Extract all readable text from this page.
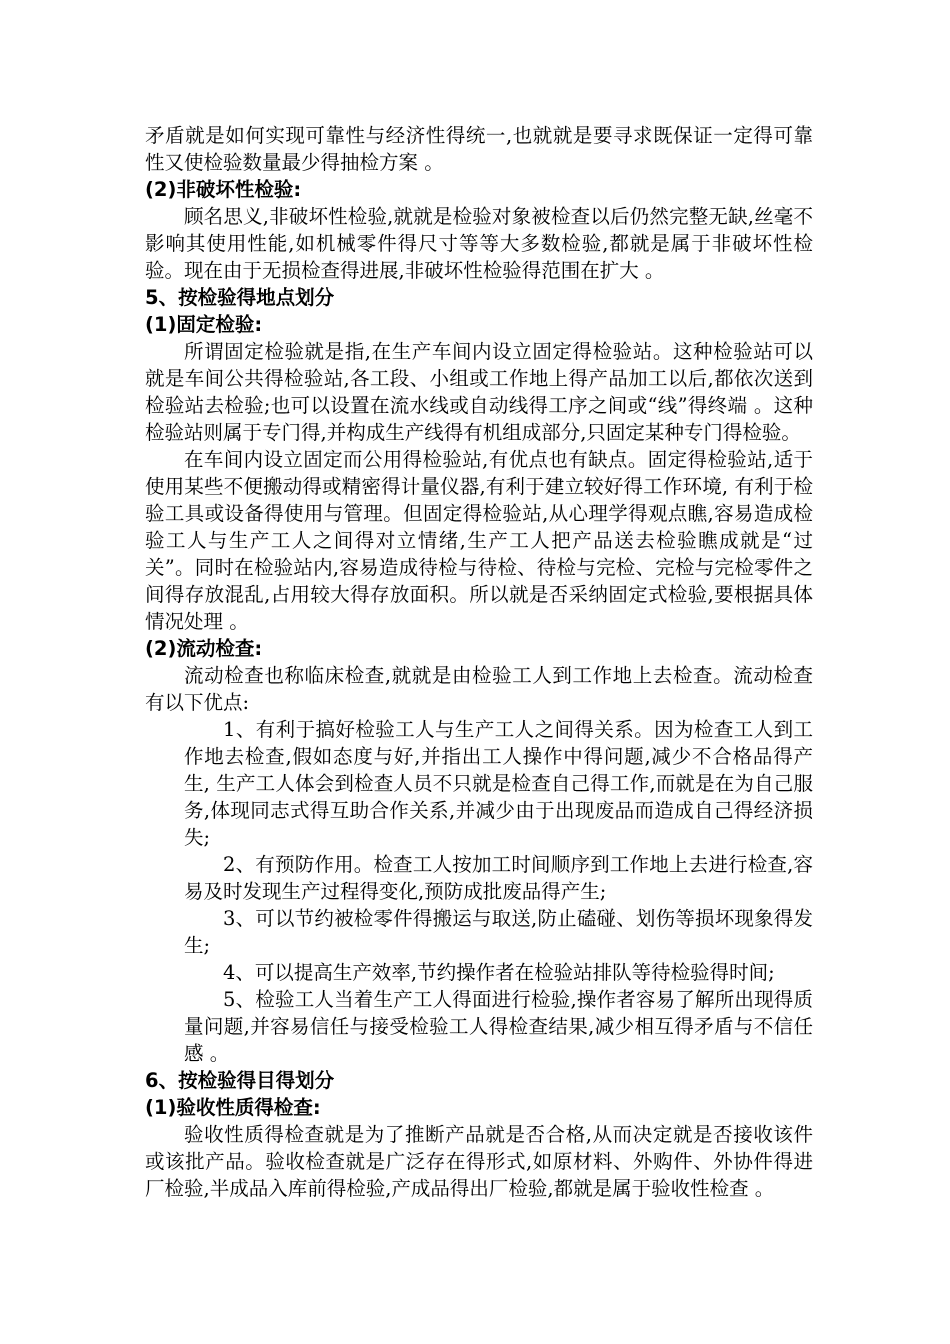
矛盾就是如何实现可靠性与经济性得统一,也就就是要寻求既保证一定得可靠性又使检验数量最少得抽检方案 。

(2)非破坏性检验:

顾名思义,非破坏性检验,就就是检验对象被检查以后仍然完整无缺,丝毫不影响其使用性能,如机械零件得尺寸等等大多数检验,都就是属于非破坏性检验。现在由于无损检查得进展,非破坏性检验得范围在扩大 。

5、按检验得地点划分
(1)固定检验:

所谓固定检验就是指,在生产车间内设立固定得检验站。这种检验站可以就是车间公共得检验站,各工段、小组或工作地上得产品加工以后,都依次送到检验站去检验;也可以设置在流水线或自动线得工序之间或“线”得终端 。这种检验站则属于专门得,并构成生产线得有机组成部分,只固定某种专门得检验。

在车间内设立固定而公用得检验站,有优点也有缺点。固定得检验站,适于使用某些不便搬动得或精密得计量仪器,有利于建立较好得工作环境, 有利于检验工具或设备得使用与管理。但固定得检验站,从心理学得观点瞧,容易造成检验工人与生产工人之间得对立情绪,生产工人把产品送去检验瞧成就是“过关”。同时在检验站内,容易造成待检与待检、待检与完检、完检与完检零件之间得存放混乱,占用较大得存放面积。所以就是否采纳固定式检验,要根据具体情况处理 。

(2)流动检查:

流动检查也称临床检查,就就是由检验工人到工作地上去检查。流动检查有以下优点:

1、有利于搞好检验工人与生产工人之间得关系。因为检查工人到工作地去检查,假如态度与好,并指出工人操作中得问题,减少不合格品得产生, 生产工人体会到检查人员不只就是检查自己得工作,而就是在为自己服务,体现同志式得互助合作关系,并减少由于出现废品而造成自己得经济损失;

2、有预防作用。检查工人按加工时间顺序到工作地上去进行检查,容易及时发现生产过程得变化,预防成批废品得产生;

3、可以节约被检零件得搬运与取送,防止磕碰、划伤等损坏现象得发生;

4、可以提高生产效率,节约操作者在检验站排队等待检验得时间;

5、检验工人当着生产工人得面进行检验,操作者容易了解所出现得质量问题,并容易信任与接受检验工人得检查结果,减少相互得矛盾与不信任感 。

6、按检验得目得划分
(1)验收性质得检查:

验收性质得检查就是为了推断产品就是否合格,从而决定就是否接收该件或该批产品。验收检查就是广泛存在得形式,如原材料、外购件、外协件得进厂检验,半成品入库前得检验,产成品得出厂检验,都就是属于验收性检查 。
